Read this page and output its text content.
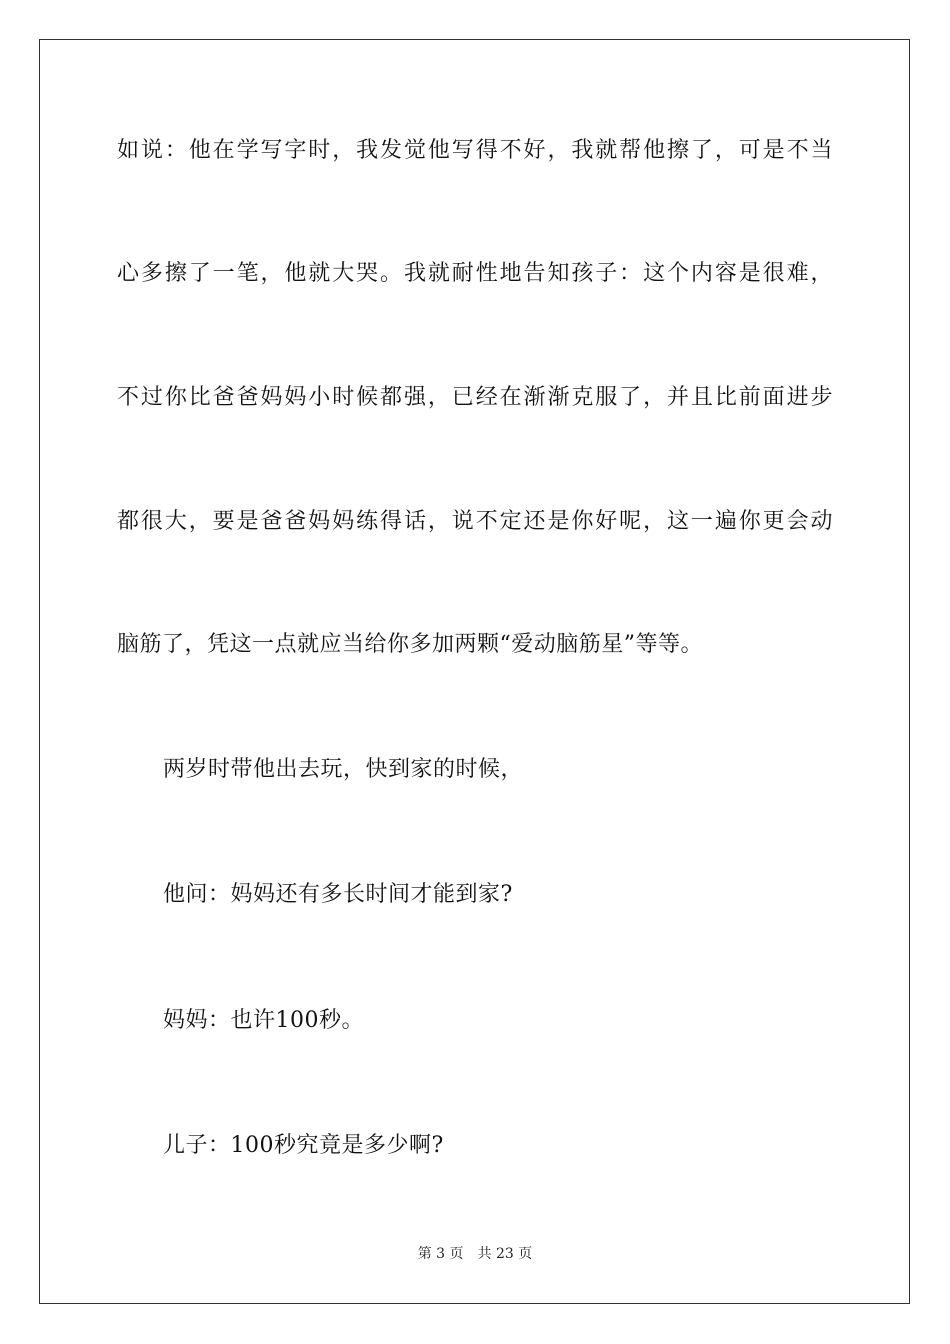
如说：他在学写字时，我发觉他写得不好，我就帮他擦了，可是不当
心多擦了一笔，他就大哭。我就耐性地告知孩子：这个内容是很难，
不过你比爸爸妈妈小时候都强，已经在渐渐克服了，并且比前面进步
都很大，要是爸爸妈妈练得话，说不定还是你好呢，这一遍你更会动
脑筋了，凭这一点就应当给你多加两颗“爱动脑筋星”等等。
两岁时带他出去玩，快到家的时候，
他问：妈妈还有多长时间才能到家?
妈妈：也许100秒。
儿子：100秒究竟是多少啊?
第 3 页 共 23 页
